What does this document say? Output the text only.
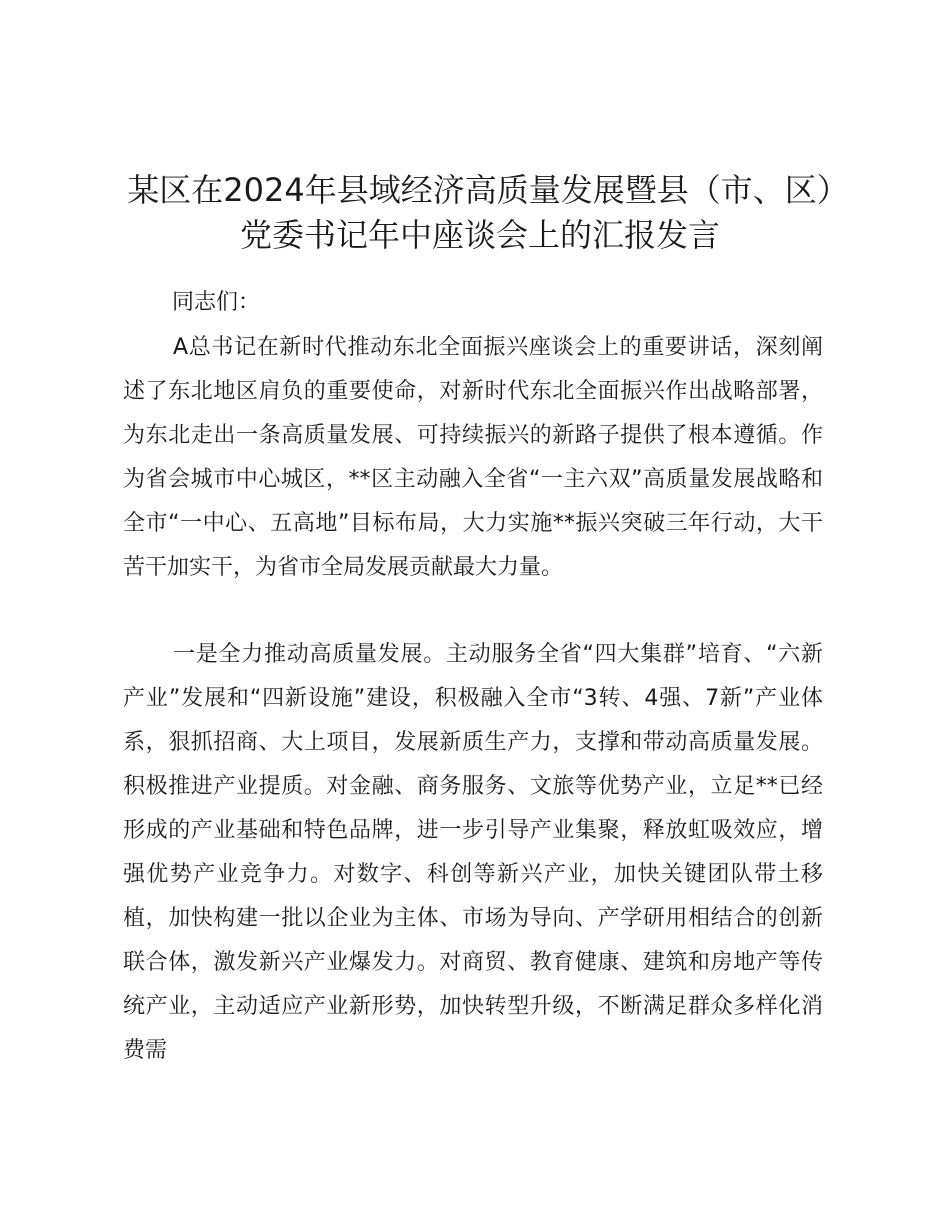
某区在2024年县域经济高质量发展暨县（市、区）党委书记年中座谈会上的汇报发言

同志们：

A总书记在新时代推动东北全面振兴座谈会上的重要讲话，深刻阐述了东北地区肩负的重要使命，对新时代东北全面振兴作出战略部署，为东北走出一条高质量发展、可持续振兴的新路子提供了根本遵循。作为省会城市中心城区，**区主动融入全省“一主六双”高质量发展战略和全市“一中心、五高地”目标布局，大力实施**振兴突破三年行动，大干苦干加实干，为省市全局发展贡献最大力量。

一是全力推动高质量发展。主动服务全省“四大集群”培育、“六新产业”发展和“四新设施”建设，积极融入全市“3转、4强、7新”产业体系，狠抓招商、大上项目，发展新质生产力，支撑和带动高质量发展。积极推进产业提质。对金融、商务服务、文旅等优势产业，立足**已经形成的产业基础和特色品牌，进一步引导产业集聚，释放虹吸效应，增强优势产业竞争力。对数字、科创等新兴产业，加快关键团队带土移植，加快构建一批以企业为主体、市场为导向、产学研用相结合的创新联合体，激发新兴产业爆发力。对商贸、教育健康、建筑和房地产等传统产业，主动适应产业新形势，加快转型升级，不断满足群众多样化消费需
